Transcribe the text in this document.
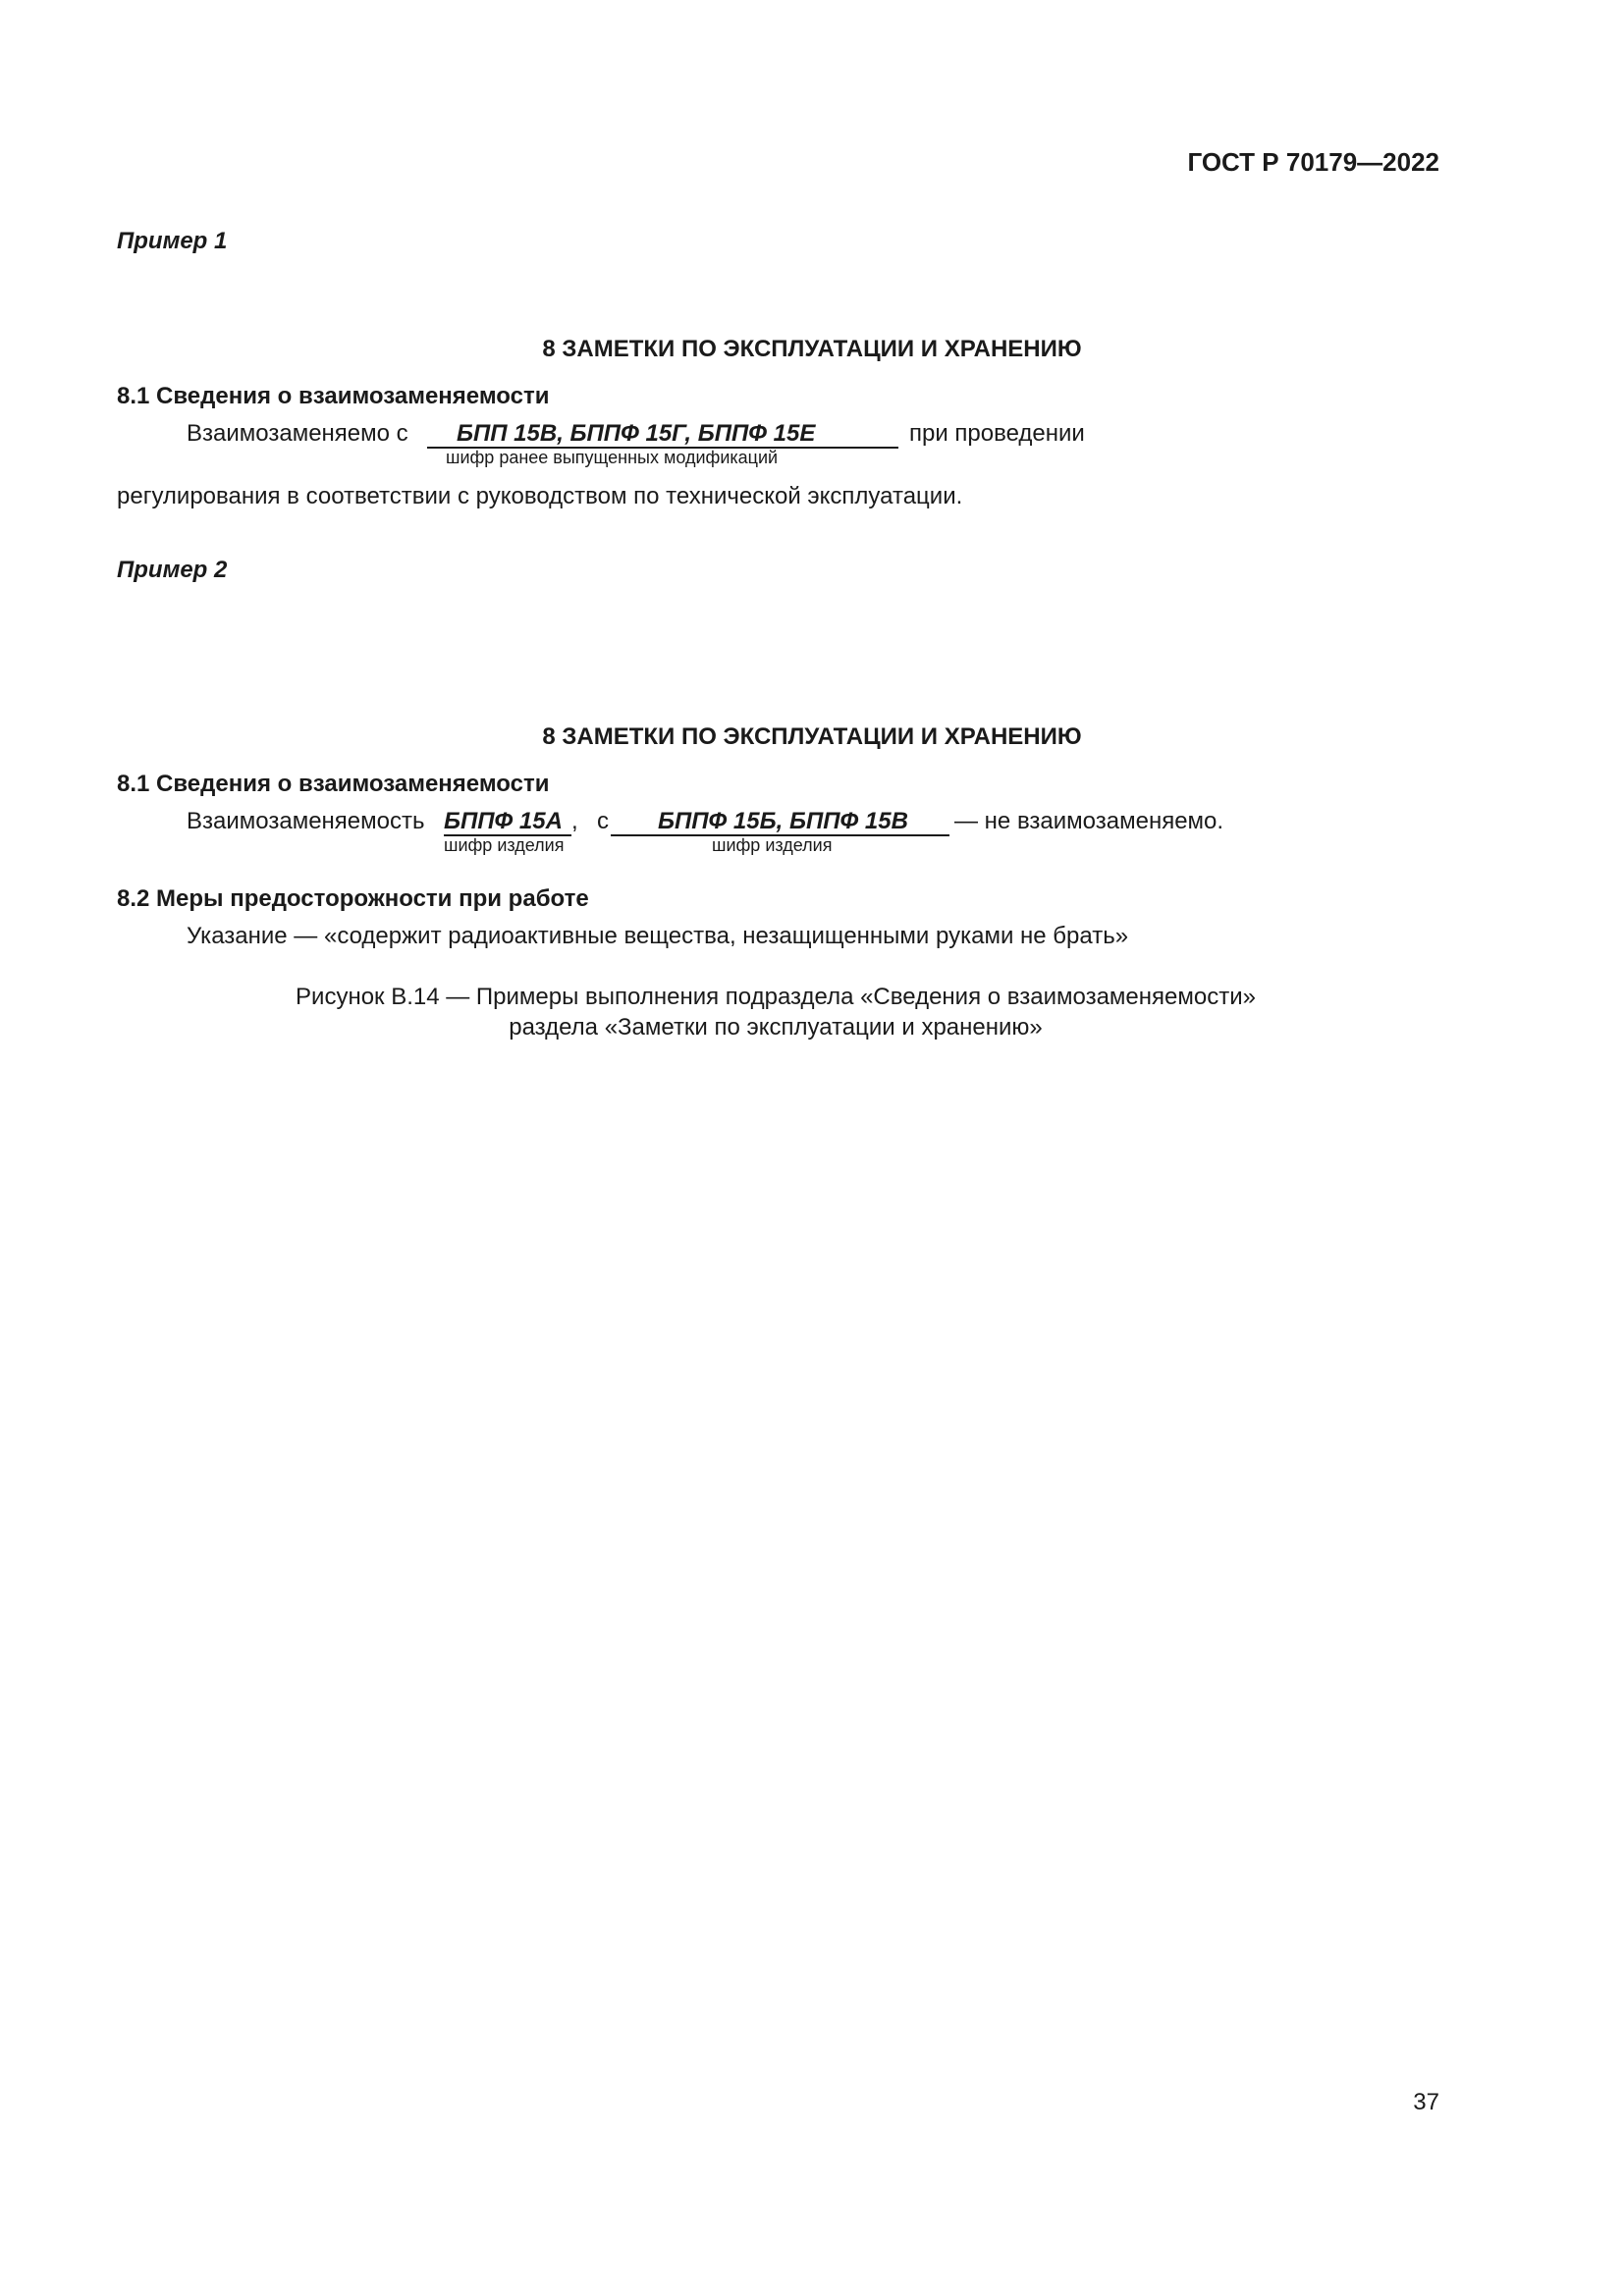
ГОСТ Р 70179—2022
Пример 1
8 ЗАМЕТКИ ПО ЭКСПЛУАТАЦИИ И ХРАНЕНИЮ
8.1 Сведения о взаимозаменяемости
Взаимозаменяемо с БПП 15В, БППФ 15Г, БППФ 15Е	при проведении
шифр ранее выпущенных модификаций
регулирования в соответствии с руководством по технической эксплуатации.
Пример 2
8 ЗАМЕТКИ ПО ЭКСПЛУАТАЦИИ И ХРАНЕНИЮ
8.1 Сведения о взаимозаменяемости
Взаимозаменяемость БППФ 15А , с БППФ 15Б, БППФ 15В — не взаимозаменяемо.
шифр изделия	шифр изделия
8.2 Меры предосторожности при работе
Указание — «содержит радиоактивные вещества, незащищенными руками не брать»
Рисунок В.14 — Примеры выполнения подраздела «Сведения о взаимозаменяемости»
раздела «Заметки по эксплуатации и хранению»
37
